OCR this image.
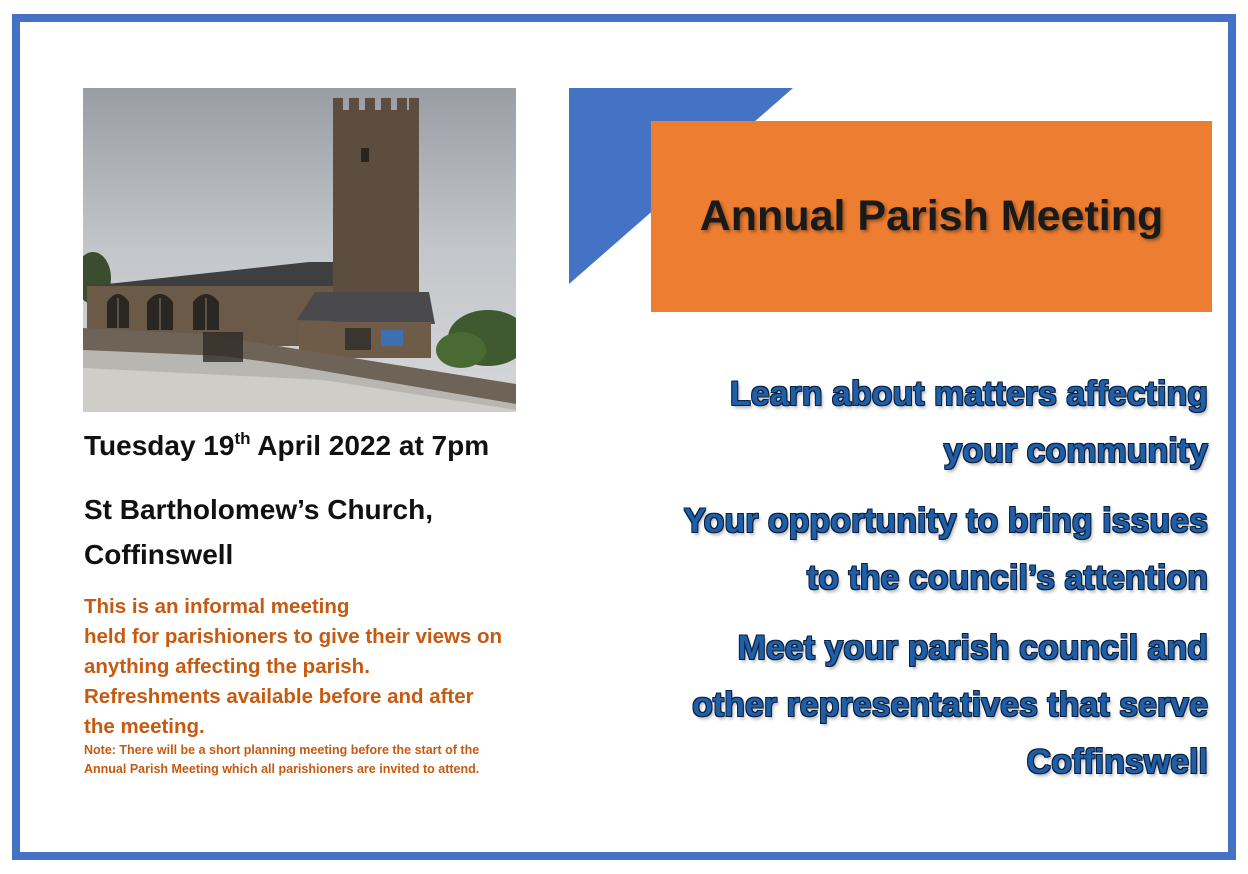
Tuesday 19th April 2022 at 7pm
St Bartholomew’s Church,
Coffinswell
This is an informal meeting
held for parishioners to give their views on
anything affecting the parish.
Refreshments available before and after
the meeting.
Note: There will be a short planning meeting before the start of the
Annual Parish Meeting which all parishioners are invited to attend.
Annual Parish Meeting
Learn about matters affecting
your community
Your opportunity to bring issues
to the council’s attention
Meet your parish council and
other representatives that serve
Coffinswell
